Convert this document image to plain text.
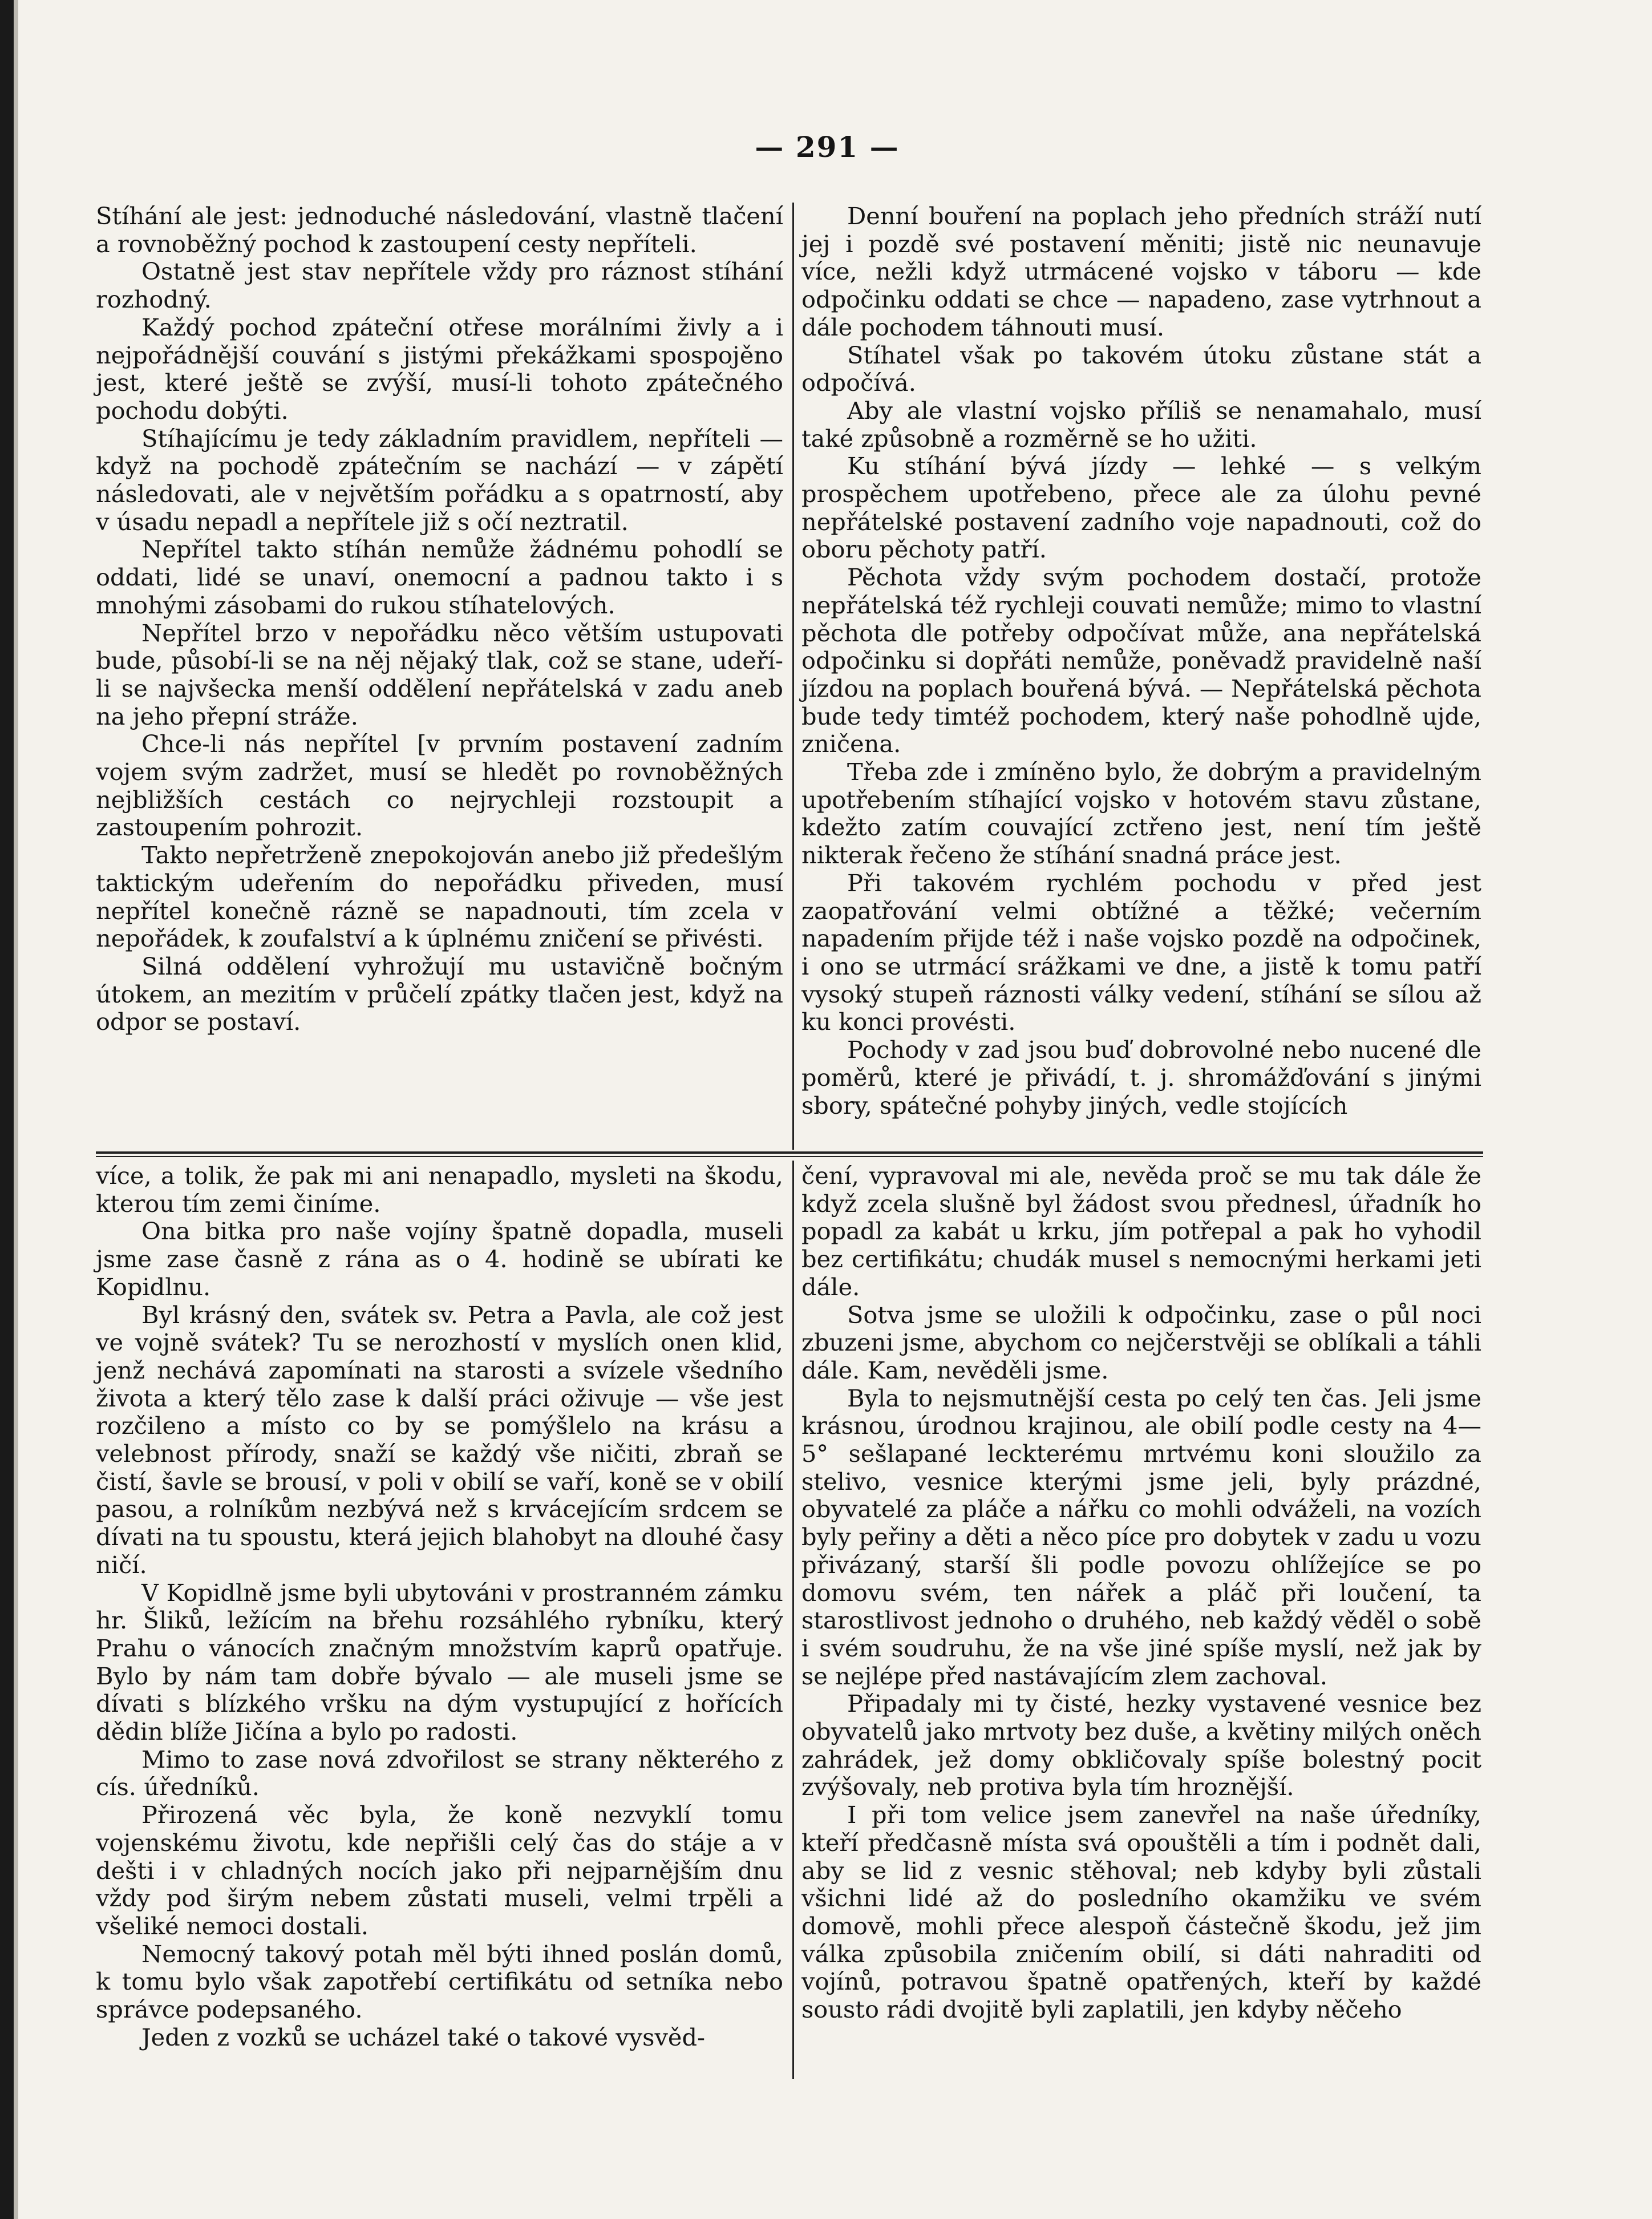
— 291 —

Stíhání ale jest: jednoduché následování, vlastně tlačení a rovnoběžný pochod k zastoupení cesty nepříteli.

Ostatně jest stav nepřítele vždy pro ráznost stíhání rozhodný.

Každý pochod zpáteční otřese morálními živly a i nejpořádnější couvání s jistými překážkami spospojěno jest, které ještě se zvýší, musí-li tohoto zpátečného pochodu dobýti.

Stíhajícímu je tedy základním pravidlem, nepříteli — když na pochodě zpátečním se nachází — v zápětí následovati, ale v největším pořádku a s opatrností, aby v úsadu nepadl a nepřítele již s očí neztratil.

Nepřítel takto stíhán nemůže žádnému pohodlí se oddati, lidé se unaví, onemocní a padnou takto i s mnohými zásobami do rukou stíhatelových.

Nepřítel brzo v nepořádku něco větším ustupovati bude, působí-li se na něj nějaký tlak, což se stane, udeří-li se najvšecka menší oddělení nepřátelská v zadu aneb na jeho přepní stráže.

Chce-li nás nepřítel [v prvním postavení zadním vojem svým zadržet, musí se hledět po rovnoběžných nejbližších cestách co nejrychleji rozstoupit a zastoupením pohrozit.

Takto nepřetrženě znepokojován anebo již předešlým taktickým udeřením do nepořádku přiveden, musí nepřítel konečně rázně se napadnouti, tím zcela v nepořádek, k zoufalství a k úplnému zničení se přivésti.

Silná oddělení vyhrožují mu ustavičně bočným útokem, an mezitím v průčelí zpátky tlačen jest, když na odpor se postaví.

Denní bouření na poplach jeho předních stráží nutí jej i pozdě své postavení měniti; jistě nic neunavuje více, nežli když utrmácené vojsko v táboru — kde odpočinku oddati se chce — napadeno, zase vytrhnout a dále pochodem táhnouti musí.

Stíhatel však po takovém útoku zůstane stát a odpočívá.

Aby ale vlastní vojsko příliš se nenamahalo, musí také způsobně a rozměrně se ho užiti.

Ku stíhání bývá jízdy — lehké — s velkým prospěchem upotřebeno, přece ale za úlohu pevné nepřátelské postavení zadního voje napadnouti, což do oboru pěchoty patří.

Pěchota vždy svým pochodem dostačí, protože nepřátelská též rychleji couvati nemůže; mimo to vlastní pěchota dle potřeby odpočívat může, ana nepřátelská odpočinku si dopřáti nemůže, poněvadž pravidelně naší jízdou na poplach bouřená bývá. — Nepřátelská pěchota bude tedy timtéž pochodem, který naše pohodlně ujde, zničena.

Třeba zde i zmíněno bylo, že dobrým a pravidelným upotřebením stíhající vojsko v hotovém stavu zůstane, kdežto zatím couvající zctřeno jest, není tím ještě nikterak řečeno že stíhání snadná práce jest.

Při takovém rychlém pochodu v před jest zaopatřování velmi obtížné a těžké; večerním napadením přijde též i naše vojsko pozdě na odpočinek, i ono se utrmácí srážkami ve dne, a jistě k tomu patří vysoký stupeň ráznosti války vedení, stíhání se sílou až ku konci provésti.

Pochody v zad jsou buď dobrovolné nebo nucené dle poměrů, které je přivádí, t. j. shromážďování s jinými sbory, spátečné pohyby jiných, vedle stojících

více, a tolik, že pak mi ani nenapadlo, mysleti na škodu, kterou tím zemi činíme.

Ona bitka pro naše vojíny špatně dopadla, museli jsme zase časně z rána as o 4. hodině se ubírati ke Kopidlnu.

Byl krásný den, svátek sv. Petra a Pavla, ale což jest ve vojně svátek? Tu se nerozhostí v myslích onen klid, jenž nechává zapomínati na starosti a svízele všedního života a který tělo zase k další práci oživuje — vše jest rozčileno a místo co by se pomýšlelo na krásu a velebnost přírody, snaží se každý vše ničiti, zbraň se čistí, šavle se brousí, v poli v obilí se vaří, koně se v obilí pasou, a rolníkům nezbývá než s krvácejícím srdcem se dívati na tu spoustu, která jejich blahobyt na dlouhé časy ničí.

V Kopidlně jsme byli ubytováni v prostranném zámku hr. Šliků, ležícím na břehu rozsáhlého rybníku, který Prahu o vánocích značným množstvím kaprů opatřuje. Bylo by nám tam dobře bývalo — ale museli jsme se dívati s blízkého vršku na dým vystupující z hořících dědin blíže Jičína a bylo po radosti.

Mimo to zase nová zdvořilost se strany některého z cís. úředníků.

Přirozená věc byla, že koně nezvyklí tomu vojenskému životu, kde nepřišli celý čas do stáje a v dešti i v chladných nocích jako při nejparnějším dnu vždy pod širým nebem zůstati museli, velmi trpěli a všeliké nemoci dostali.

Nemocný takový potah měl býti ihned poslán domů, k tomu bylo však zapotřebí certifikátu od setníka nebo správce podepsaného.

Jeden z vozků se ucházel také o takové vysvěd-

čení, vypravoval mi ale, nevěda proč se mu tak dále že když zcela slušně byl žádost svou přednesl, úřadník ho popadl za kabát u krku, jím potřepal a pak ho vyhodil bez certifikátu; chudák musel s nemocnými herkami jeti dále.

Sotva jsme se uložili k odpočinku, zase o půl noci zbuzeni jsme, abychom co nejčerstvěji se oblíkali a táhli dále. Kam, nevěděli jsme.

Byla to nejsmutnější cesta po celý ten čas. Jeli jsme krásnou, úrodnou krajinou, ale obilí podle cesty na 4—5° sešlapané leckterému mrtvému koni sloužilo za stelivo, vesnice kterými jsme jeli, byly prázdné, obyvatelé za pláče a nářku co mohli odváželi, na vozích byly peřiny a děti a něco píce pro dobytek v zadu u vozu přivázaný, starší šli podle povozu ohlížejíce se po domovu svém, ten nářek a pláč při loučení, ta starostlivost jednoho o druhého, neb každý věděl o sobě i svém soudruhu, že na vše jiné spíše myslí, než jak by se nejlépe před nastávajícím zlem zachoval.

Připadaly mi ty čisté, hezky vystavené vesnice bez obyvatelů jako mrtvoty bez duše, a květiny milých oněch zahrádek, jež domy obkličovaly spíše bolestný pocit zvýšovaly, neb protiva byla tím hroznější.

I při tom velice jsem zanevřel na naše úředníky, kteří předčasně místa svá opouštěli a tím i podnět dali, aby se lid z vesnic stěhoval; neb kdyby byli zůstali všichni lidé až do posledního okamžiku ve svém domově, mohli přece alespoň částečně škodu, jež jim válka způsobila zničením obilí, si dáti nahraditi od vojínů, potravou špatně opatřených, kteří by každé sousto rádi dvojitě byli zaplatili, jen kdyby něčeho
